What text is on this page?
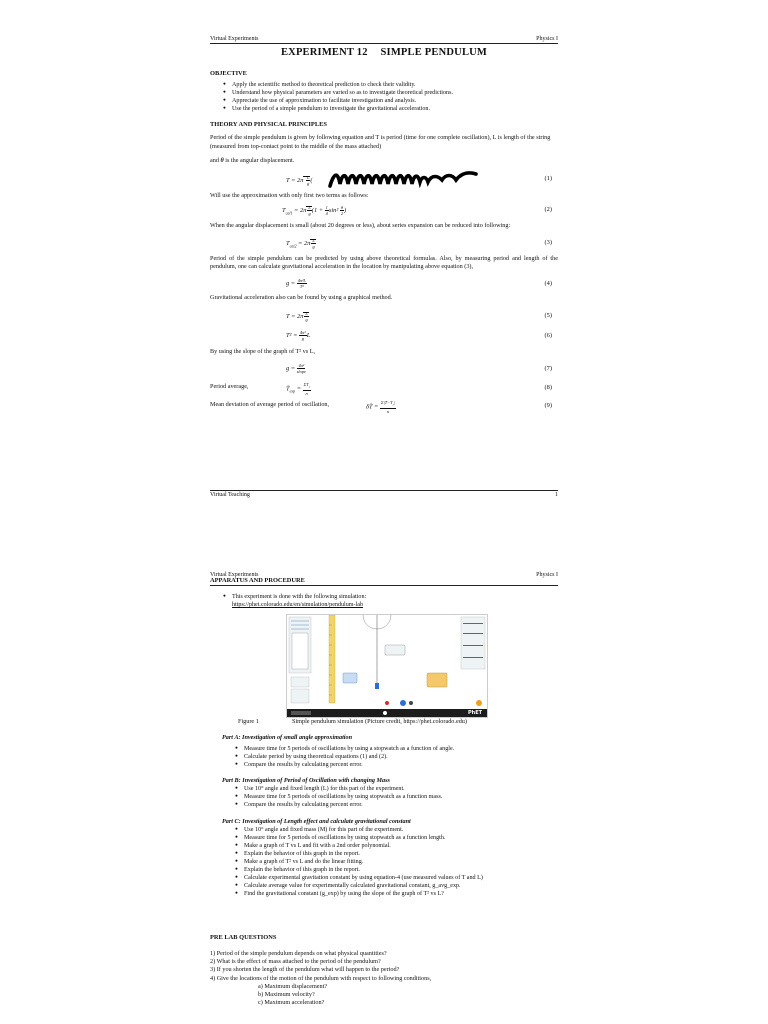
Virtual Experiments	Physics I
EXPERIMENT 12 SIMPLE PENDULUM
OBJECTIVE
● Apply the scientific method to theoretical prediction to check their validity.
● Understand how physical parameters are varied so as to investigate theoretical predictions.
● Appreciate the use of approximation to facilitate investigation and analysis.
● Use the period of a simple pendulum to investigate the gravitational acceleration.
THEORY AND PHYSICAL PRINCIPLES
Period of the simple pendulum is given by following equation and T is period (time for one complete oscillation), L is length of the string (measured from top-contact point to the middle of the mass attached)
and θ is the angular displacement.
$T = 2\pi \frac{L}{g}$ (	(1)
Will use the approximation with only first two terms as follows:
$T_{cal1} = 2\pi \frac{L}{g} (1 + \frac{1}{4} \sin^2 \frac{\theta}{2}$ )	(2)
When the angular displacement is small (about 20 degrees or less), about series expansion can be reduced into following:
$T_{cal2} = 2\pi \frac{L}{g}$	(3)
Period of the simple pendulum can be predicted by using above theoretical formulas. Also, by measuring period and length of the pendulum, one can calculate gravitational acceleration in the location by manipulating above equation (3),
$g = \frac{\text{4π²L}}{\text{T²}}$	(4)
Gravitational acceleration also can be found by using a graphical method.
$T = 2\pi \frac{L}{g}$	(5)
$T^2 = \frac{\text{4π²}}{g}$ L	(6)
By using the slope of the graph of T² vs L,
$g = \frac{\text{4π²}}{\text{slope}}$	(7)
Period average,	$T̄_{exp} = \frac{\Sigma T_i}{n}$	(8)
Mean deviation of average period of oscillation,	δT̄ = $\frac{\Sigma|T̄-T_i|}{n}$	(9)
Virtual Teaching	1
Virtual Experiments	Physics I
APPARATUS AND PROCEDURE
● This experiment is done with the following simulation:
https://phet.colorado.edu/en/simulation/pendulum-lab
PhET
Figure 1	Simple pendulum simulation (Picture credit, https://phet.colorado.edu)
Part A: Investigation of small angle approximation
● Measure time for 5 periods of oscillations by using a stopwatch as a function of angle.
● Calculate period by using theoretical equations (1) and (2).
● Compare the results by calculating percent error.
Part B: Investigation of Period of Oscillation with changing Mass
● Use 10° angle and fixed length (L) for this part of the experiment.
● Measure time for 5 periods of oscillations by using stopwatch as a function mass.
● Compare the results by calculating percent error.
Part C: Investigation of Length effect and calculate gravitational constant
● Use 10° angle and fixed mass (M) for this part of the experiment.
● Measure time for 5 periods of oscillations by using stopwatch as a function length.
● Make a graph of T vs L and fit with a 2nd order polynomial.
● Explain the behavior of this graph in the report.
● Make a graph of T² vs L and do the linear fitting.
● Explain the behavior of this graph in the report.
● Calculate experimental gravitation constant by using equation-4 (use measured values of T and L)
● Calculate average value for experimentally calculated gravitational constant, g_avg_exp.
● Find the gravitational constant (g_exp) by using the slope of the graph of T² vs L?
PRE LAB QUESTIONS
1) Period of the simple pendulum depends on what physical quantities?
2) What is the effect of mass attached to the period of the pendulum?
3) If you shorten the length of the pendulum what will happen to the period?
4) Give the locations of the motion of the pendulum with respect to following conditions,
a) Maximum displacement?
b) Maximum velocity?
c) Maximum acceleration?
